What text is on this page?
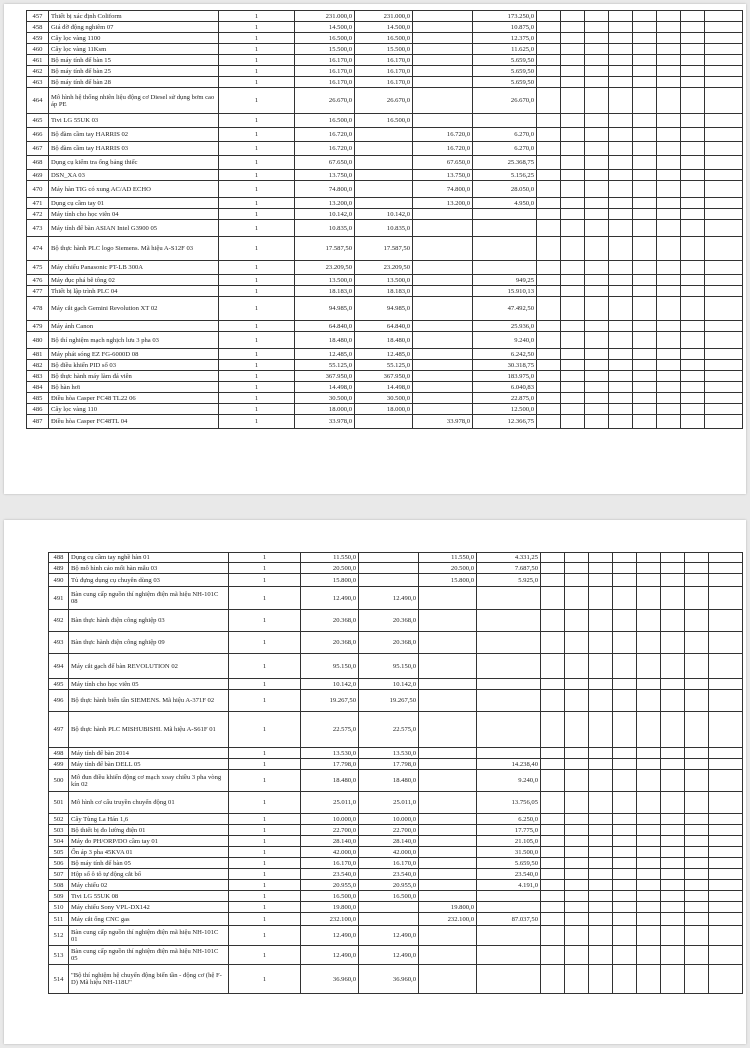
457	Thiết bị xác định Coliform	1	231.000,0	231.000,0		173.250,0								
458	Giá đỡ động nghiêm 07	1	14.500,0	14.500,0		10.875,0								
459	Cây lọc vàng 1100	1	16.500,0	16.500,0		12.375,0								
460	Cây lọc vàng 11Ksm	1	15.500,0	15.500,0		11.625,0								
461	Bộ máy tính để bàn 15	1	16.170,0	16.170,0		5.659,50								
462	Bộ máy tính để bàn 25	1	16.170,0	16.170,0		5.659,50								
463	Bộ máy tính để bàn 28	1	16.170,0	16.170,0		5.659,50								
464	Mô hình hệ thống nhiên liệu động cơ Diesel sử dụng bơm cao áp PE	1	26.670,0	26.670,0		26.670,0								
465	Tivi LG 55UK 03	1	16.500,0	16.500,0										
466	Bộ đàm cầm tay HARRIS 02	1	16.720,0		16.720,0	6.270,0								
467	Bộ đàm cầm tay HARRIS 03	1	16.720,0		16.720,0	6.270,0								
468	Dụng cụ kiểm tra ống bảng thiếc	1	67.650,0		67.650,0	25.368,75								
469	DSN_XA 03	1	13.750,0		13.750,0	5.156,25								
470	Máy hàn TIG có xung AC/AD ECHO	1	74.800,0		74.800,0	28.050,0								
471	Dụng cụ cầm tay 01	1	13.200,0		13.200,0	4.950,0								
472	Máy tính cho học viên 04	1	10.142,0	10.142,0										
473	Máy tính để bàn ASIAN Intel G3900 05	1	10.835,0	10.835,0										
474	Bộ thực hành PLC logo Siemens. Mã hiệu A-S12F 03	1	17.587,50	17.587,50										
475	Máy chiếu Panasonic PT-LB 300A	1	23.209,50	23.209,50										
476	Máy đục phá bê tông 02	1	13.500,0	13.500,0		949,25								
477	Thiết bị lập trình PLC 04	1	18.183,0	18.183,0		15.910,13								
478	Máy cắt gạch Gemini Revolution XT 02	1	94.985,0	94.985,0		47.492,50								
479	Máy ảnh Canon	1	64.840,0	64.840,0		25.936,0								
480	Bộ thí nghiệm mạch nghịch lưu 3 pha 03	1	18.480,0	18.480,0		9.240,0								
481	Máy phát sóng EZ FG-6000D 08	1	12.485,0	12.485,0		6.242,50								
482	Bộ điều khiển PID số 03	1	55.125,0	55.125,0		30.318,75								
483	Bộ thực hành máy làm đá viên	1	367.950,0	367.950,0		183.975,0								
484	Bộ hàn hơi	1	14.498,0	14.498,0		6.040,83								
485	Điều hòa Casper FC48 TL22 06	1	30.500,0	30.500,0		22.875,0								
486	Cây lọc vàng 110	1	18.000,0	18.000,0		12.500,0								
487	Điều hòa Casper FC48TL 04	1	33.978,0		33.978,0	12.366,75								
488	Dụng cụ cầm tay nghề hàn 01	1	11.550,0		11.550,0	4.331,25								
489	Bộ mô hình cảo mối hàn mẫu 03	1	20.500,0		20.500,0	7.687,50								
490	Tủ đựng dụng cụ chuyên dùng 03	1	15.800,0		15.800,0	5.925,0								
491	Bàn cung cấp nguồn thí nghiệm điện mã hiệu NH-101C 08	1	12.490,0	12.490,0										
492	Bàn thực hành điện công nghiệp 03	1	20.368,0	20.368,0										
493	Bàn thực hành điện công nghiệp 09	1	20.368,0	20.368,0										
494	Máy cắt gạch đế bàn REVOLUTION 02	1	95.150,0	95.150,0										
495	Máy tính cho học viên 05	1	10.142,0	10.142,0										
496	Bộ thực hành biến tần SIEMENS. Mã hiệu A-371F 02	1	19.267,50	19.267,50										
497	Bộ thực hành PLC MISHUBISHI. Mã hiệu A-S61F 01	1	22.575,0	22.575,0										
498	Máy tính để bàn 2014	1	13.530,0	13.530,0										
499	Máy tính để bàn DELL 05	1	17.798,0	17.798,0		14.238,40								
500	Mô đun điều khiển động cơ mạch xoay chiều 3 pha vòng kín 02	1	18.480,0	18.480,0		9.240,0								
501	Mô hình cơ cấu truyền chuyển động 01	1	25.011,0	25.011,0		13.756,05								
502	Cây Tùng La Hán 1,6	1	10.000,0	10.000,0		6.250,0								
503	Bộ thiết bị đo lường điện 01	1	22.700,0	22.700,0		17.775,0								
504	Máy đo PH/ORP/DO cầm tay 01	1	28.140,0	28.140,0		21.105,0								
505	Ổn áp 3 pha 45KVA 01	1	42.000,0	42.000,0		31.500,0								
506	Bộ máy tính để bàn 05	1	16.170,0	16.170,0		5.659,50								
507	Hộp số ô tô tự động cắt bổ	1	23.540,0	23.540,0		23.540,0								
508	Máy chiếu 02	1	20.955,0	20.955,0		4.191,0								
509	Tivi LG 55UK 08	1	16.500,0	16.500,0										
510	Máy chiếu Sony VPL-DX142	1	19.800,0		19.800,0									
511	Máy cắt ống CNC gas	1	232.100,0		232.100,0	87.037,50								
512	Bàn cung cấp nguồn thí nghiệm điện mã hiệu NH-101C 01	1	12.490,0	12.490,0										
513	Bàn cung cấp nguồn thí nghiệm điện mã hiệu NH-101C 05	1	12.490,0	12.490,0										
514	"Bộ thí nghiệm hệ chuyển động biến tần - động cơ (hệ F-D) Mã hiệu NH-118U"	1	36.960,0	36.960,0										
